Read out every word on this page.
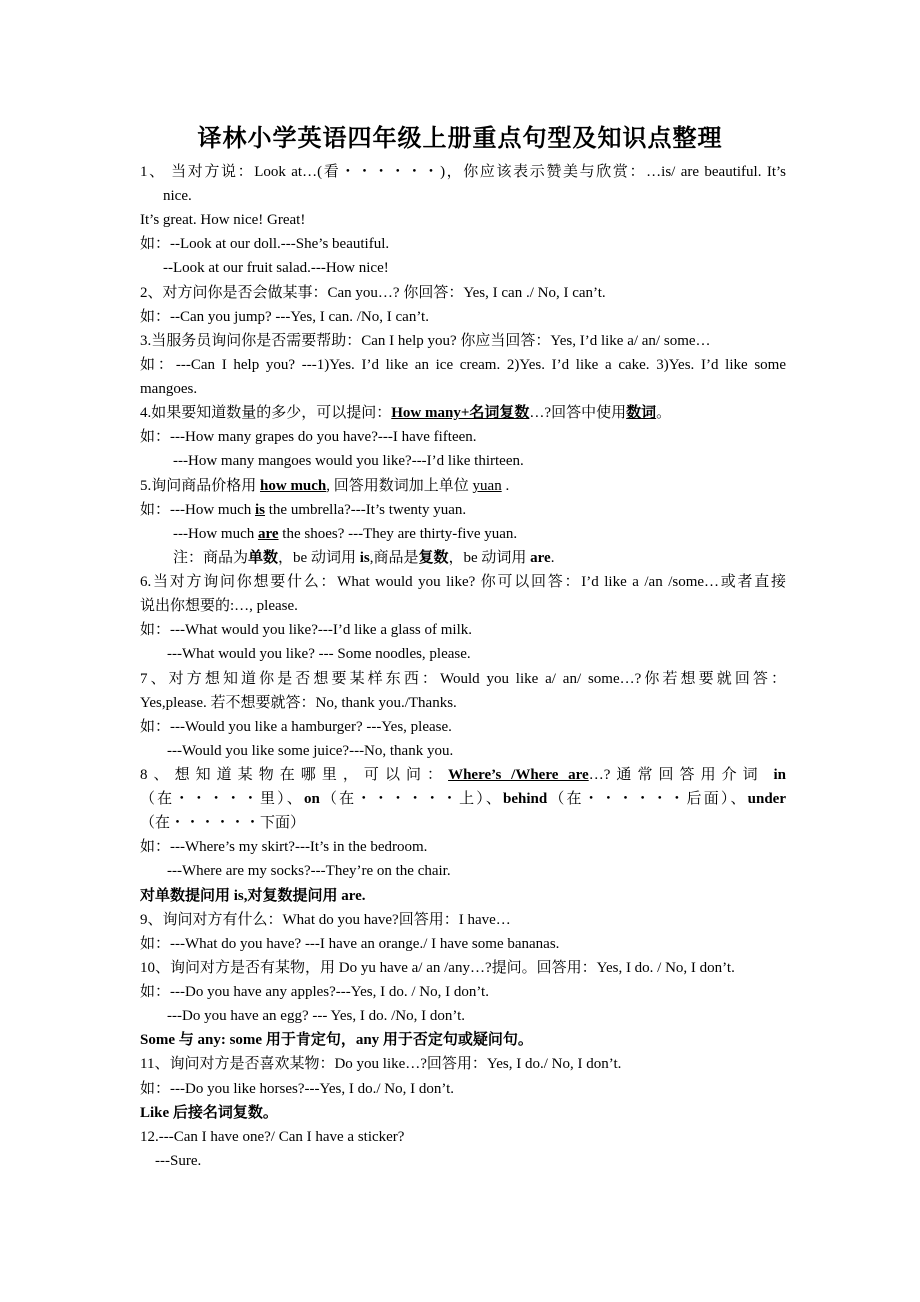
译林小学英语四年级上册重点句型及知识点整理
1、 当对方说：Look at…(看・・・・・・)，你应该表示赞美与欣赏：…is/ are beautiful. It’s
nice.
It’s great. How nice! Great!
如：--Look at our doll.---She’s beautiful.
--Look at our fruit salad.---How nice!
2、对方问你是否会做某事：Can you…? 你回答：Yes, I can ./ No, I can’t.
如：--Can you jump? ---Yes, I can. /No, I can’t.
3.当服务员询问你是否需要帮助：Can I help you? 你应当回答：Yes, I’d like a/ an/ some…
如：---Can I help you? ---1)Yes. I’d like an ice cream. 2)Yes. I’d like a cake. 3)Yes. I’d like some
mangoes.
4.如果要知道数量的多少，可以提问：How many+名词复数…?回答中使用数词。
如：---How many grapes do you have?---I have fifteen.
---How many mangoes would you like?---I’d like thirteen.
5.询问商品价格用 how much, 回答用数词加上单位 yuan .
如：---How much is the umbrella?---It’s twenty yuan.
---How much are the shoes? ---They are thirty-five yuan.
注：商品为单数，be 动词用 is,商品是复数，be 动词用 are.
6.当对方询问你想要什么：What would you like? 你可以回答：I’d like a /an /some…或者直接
说出你想要的:…, please.
如：---What would you like?---I’d like a glass of milk.
---What would you like? --- Some noodles, please.
7、对方想知道你是否想要某样东西：Would you like a/ an/ some…?你若想要就回答：
Yes,please. 若不想要就答：No, thank you./Thanks.
如：---Would you like a hamburger? ---Yes, please.
---Would you like some juice?---No, thank you.
8、想知道某物在哪里，可以问：Where’s /Where are…?通常回答用介词 in
（在・・・・・里）、on（在・・・・・・上）、behind（在・・・・・・后面）、under
（在・・・・・・下面）
如：---Where’s my skirt?---It’s in the bedroom.
---Where are my socks?---They’re on the chair.
对单数提问用 is,对复数提问用 are.
9、询问对方有什么：What do you have?回答用：I have…
如：---What do you have? ---I have an orange./ I have some bananas.
10、询问对方是否有某物，用 Do yu have a/ an /any…?提问。回答用：Yes, I do. / No, I don’t.
如：---Do you have any apples?---Yes, I do. / No, I don’t.
---Do you have an egg? --- Yes, I do. /No, I don’t.
Some 与 any: some 用于肯定句，any 用于否定句或疑问句。
11、询问对方是否喜欢某物：Do you like…?回答用：Yes, I do./ No, I don’t.
如：---Do you like horses?---Yes, I do./ No, I don’t.
Like 后接名词复数。
12.---Can I have one?/ Can I have a sticker?
---Sure.
